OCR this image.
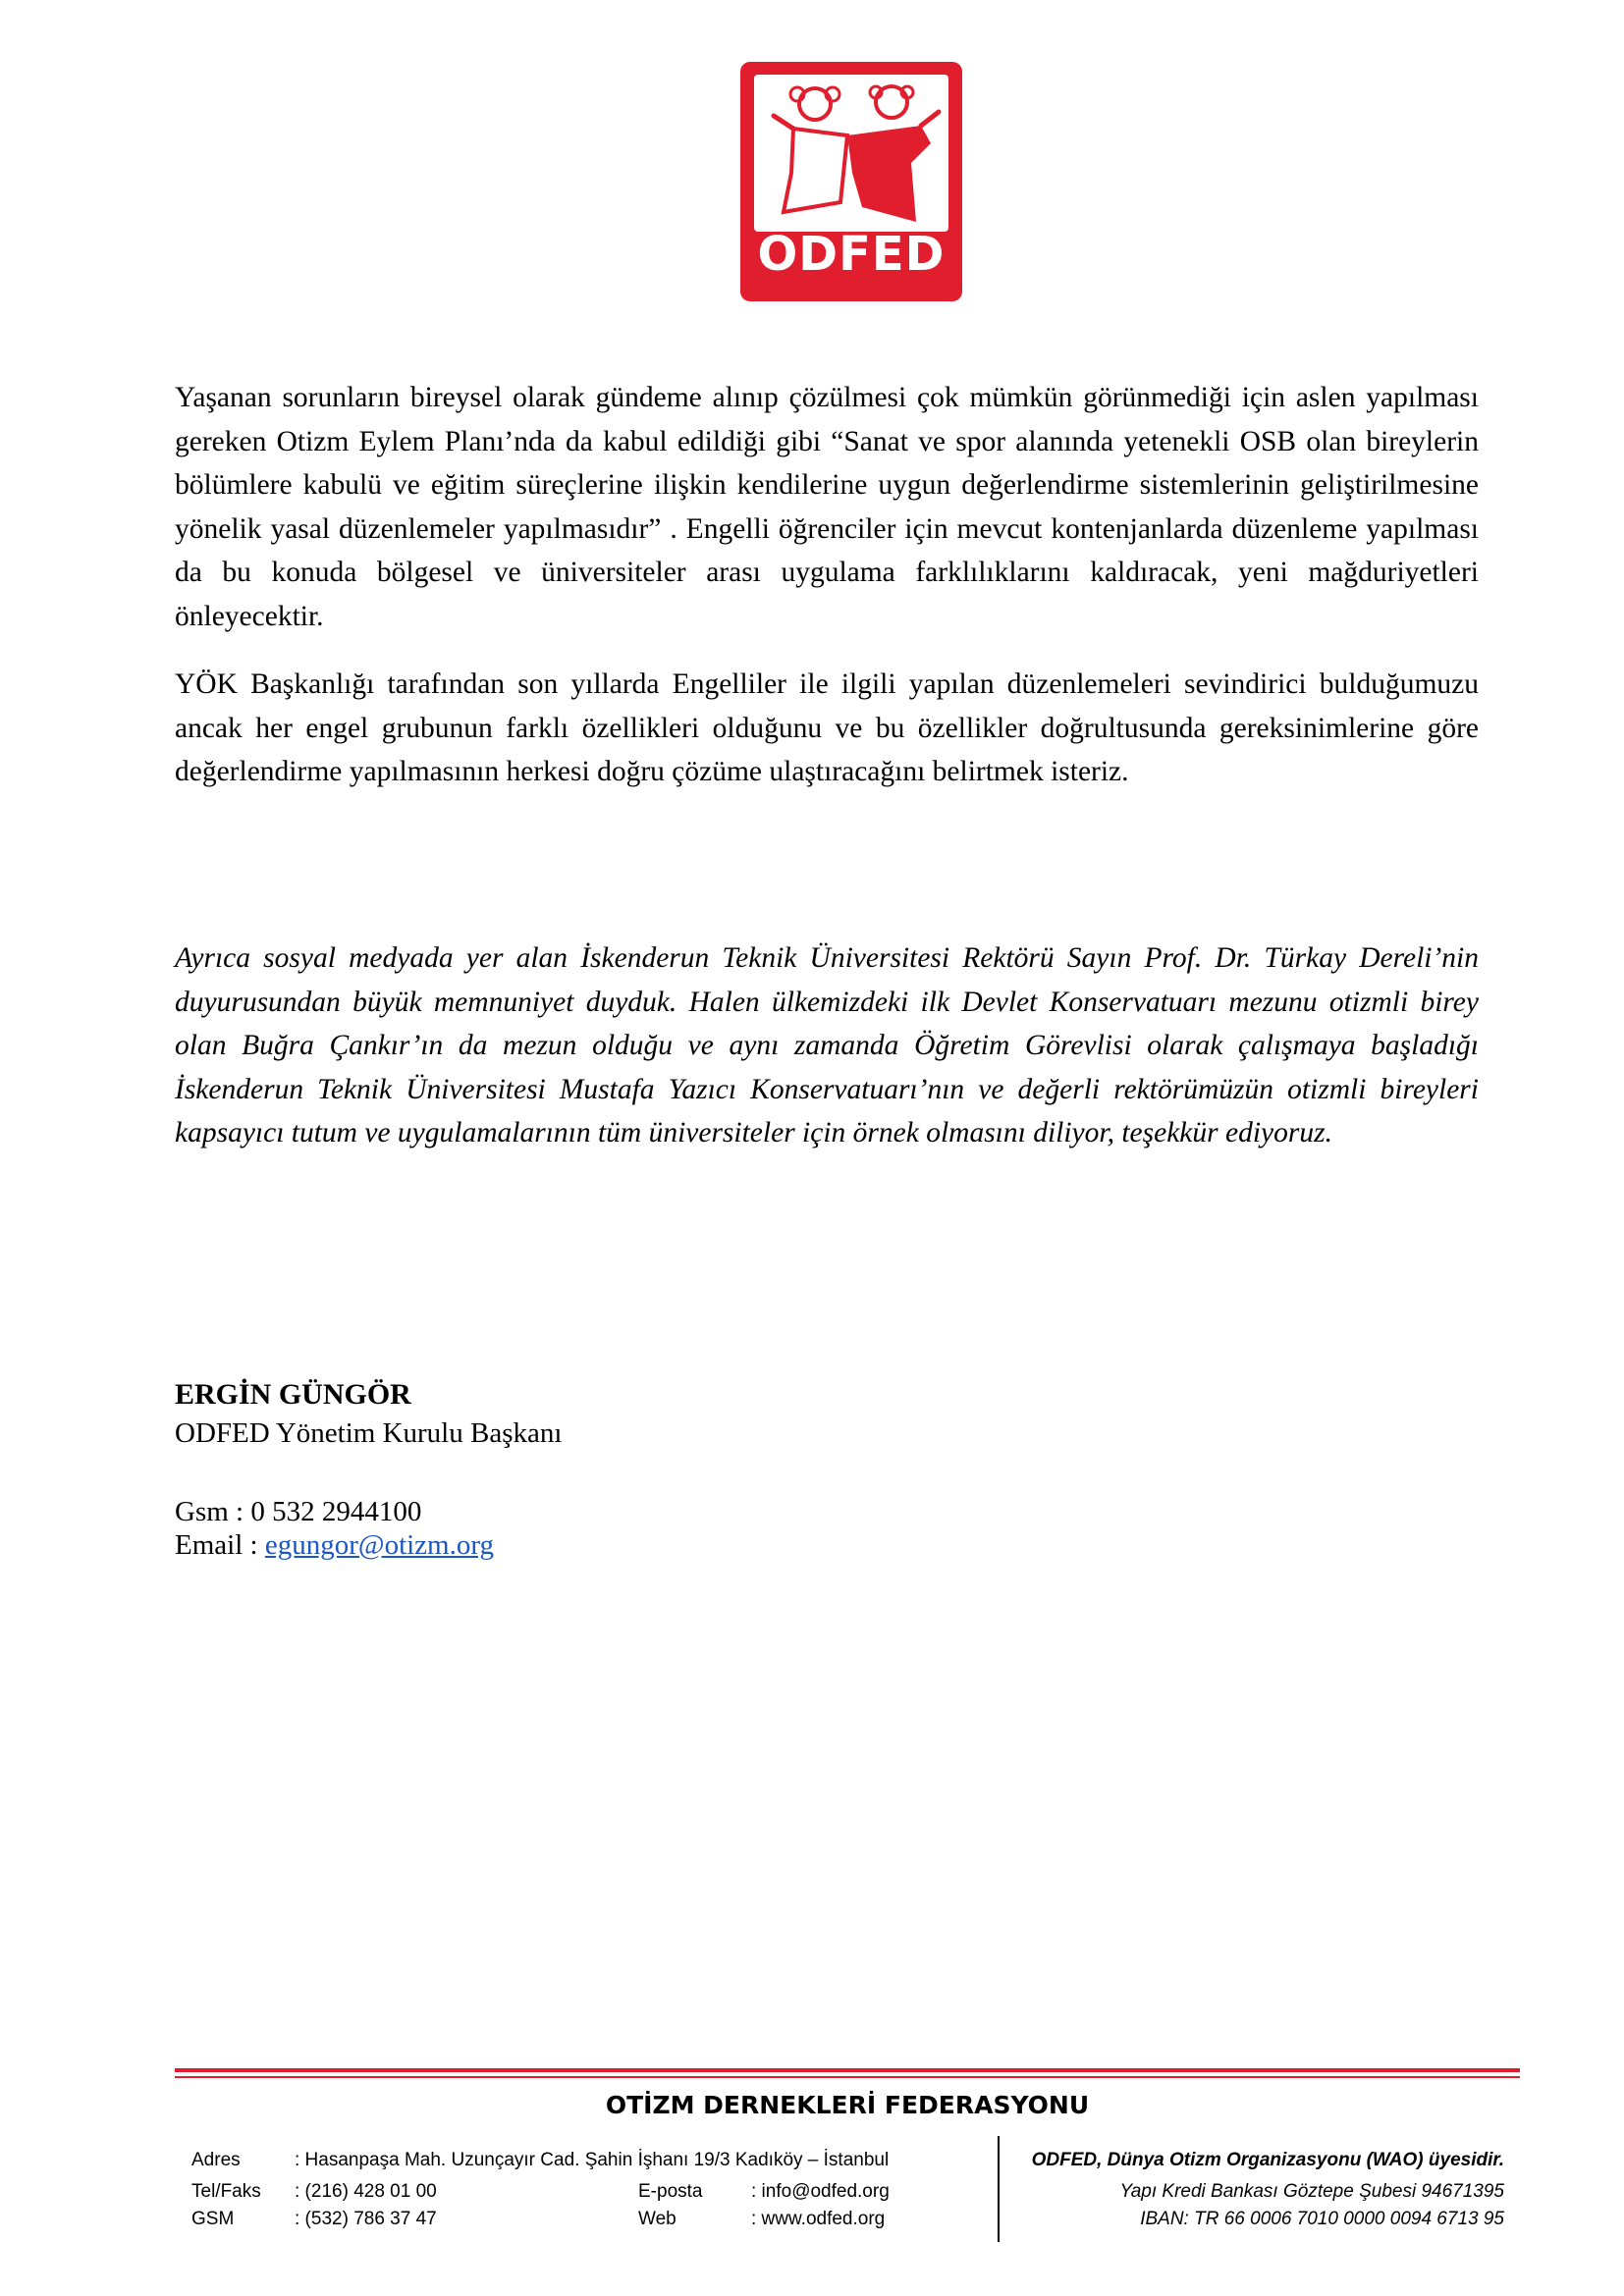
ODFED

Yaşanan sorunların bireysel olarak gündeme alınıp çözülmesi çok mümkün görünmediği için aslen yapılması gereken Otizm Eylem Planı’nda da kabul edildiği gibi “Sanat ve spor alanında yetenekli OSB olan bireylerin bölümlere kabulü ve eğitim süreçlerine ilişkin kendilerine uygun değerlendirme sistemlerinin geliştirilmesine yönelik yasal düzenlemeler yapılmasıdır” . Engelli öğrenciler için mevcut kontenjanlarda düzenleme yapılması da bu konuda bölgesel ve üniversiteler arası uygulama farklılıklarını kaldıracak, yeni mağduriyetleri önleyecektir.

YÖK Başkanlığı tarafından son yıllarda Engelliler ile ilgili yapılan düzenlemeleri sevindirici bulduğumuzu ancak her engel grubunun farklı özellikleri olduğunu ve bu özellikler doğrultusunda gereksinimlerine göre değerlendirme yapılmasının herkesi doğru çözüme ulaştıracağını belirtmek isteriz.

Ayrıca sosyal medyada yer alan İskenderun Teknik Üniversitesi Rektörü Sayın Prof. Dr. Türkay Dereli’nin duyurusundan büyük memnuniyet duyduk. Halen ülkemizdeki ilk Devlet Konservatuarı mezunu otizmli birey olan Buğra Çankır’ın da mezun olduğu ve aynı zamanda Öğretim Görevlisi olarak çalışmaya başladığı İskenderun Teknik Üniversitesi Mustafa Yazıcı Konservatuarı’nın ve değerli rektörümüzün otizmli bireyleri kapsayıcı tutum ve uygulamalarının tüm üniversiteler için örnek olmasını diliyor, teşekkür ediyoruz.

ERGİN GÜNGÖR

ODFED Yönetim Kurulu Başkanı

Gsm : 0 532 2944100

Email : egungor@otizm.org

OTİZM DERNEKLERİ FEDERASYONU
Adres	: Hasanpaşa Mah. Uzunçayır Cad. Şahin İşhanı 19/3 Kadıköy – İstanbul
Tel/Faks : (216) 428 01 00	E-posta	: info@odfed.org
GSM	: (532) 786 37 47	Web	: www.odfed.org
ODFED, Dünya Otizm Organizasyonu (WAO) üyesidir.
Yapı Kredi Bankası Göztepe Şubesi 94671395
IBAN: TR 66 0006 7010 0000 0094 6713 95
